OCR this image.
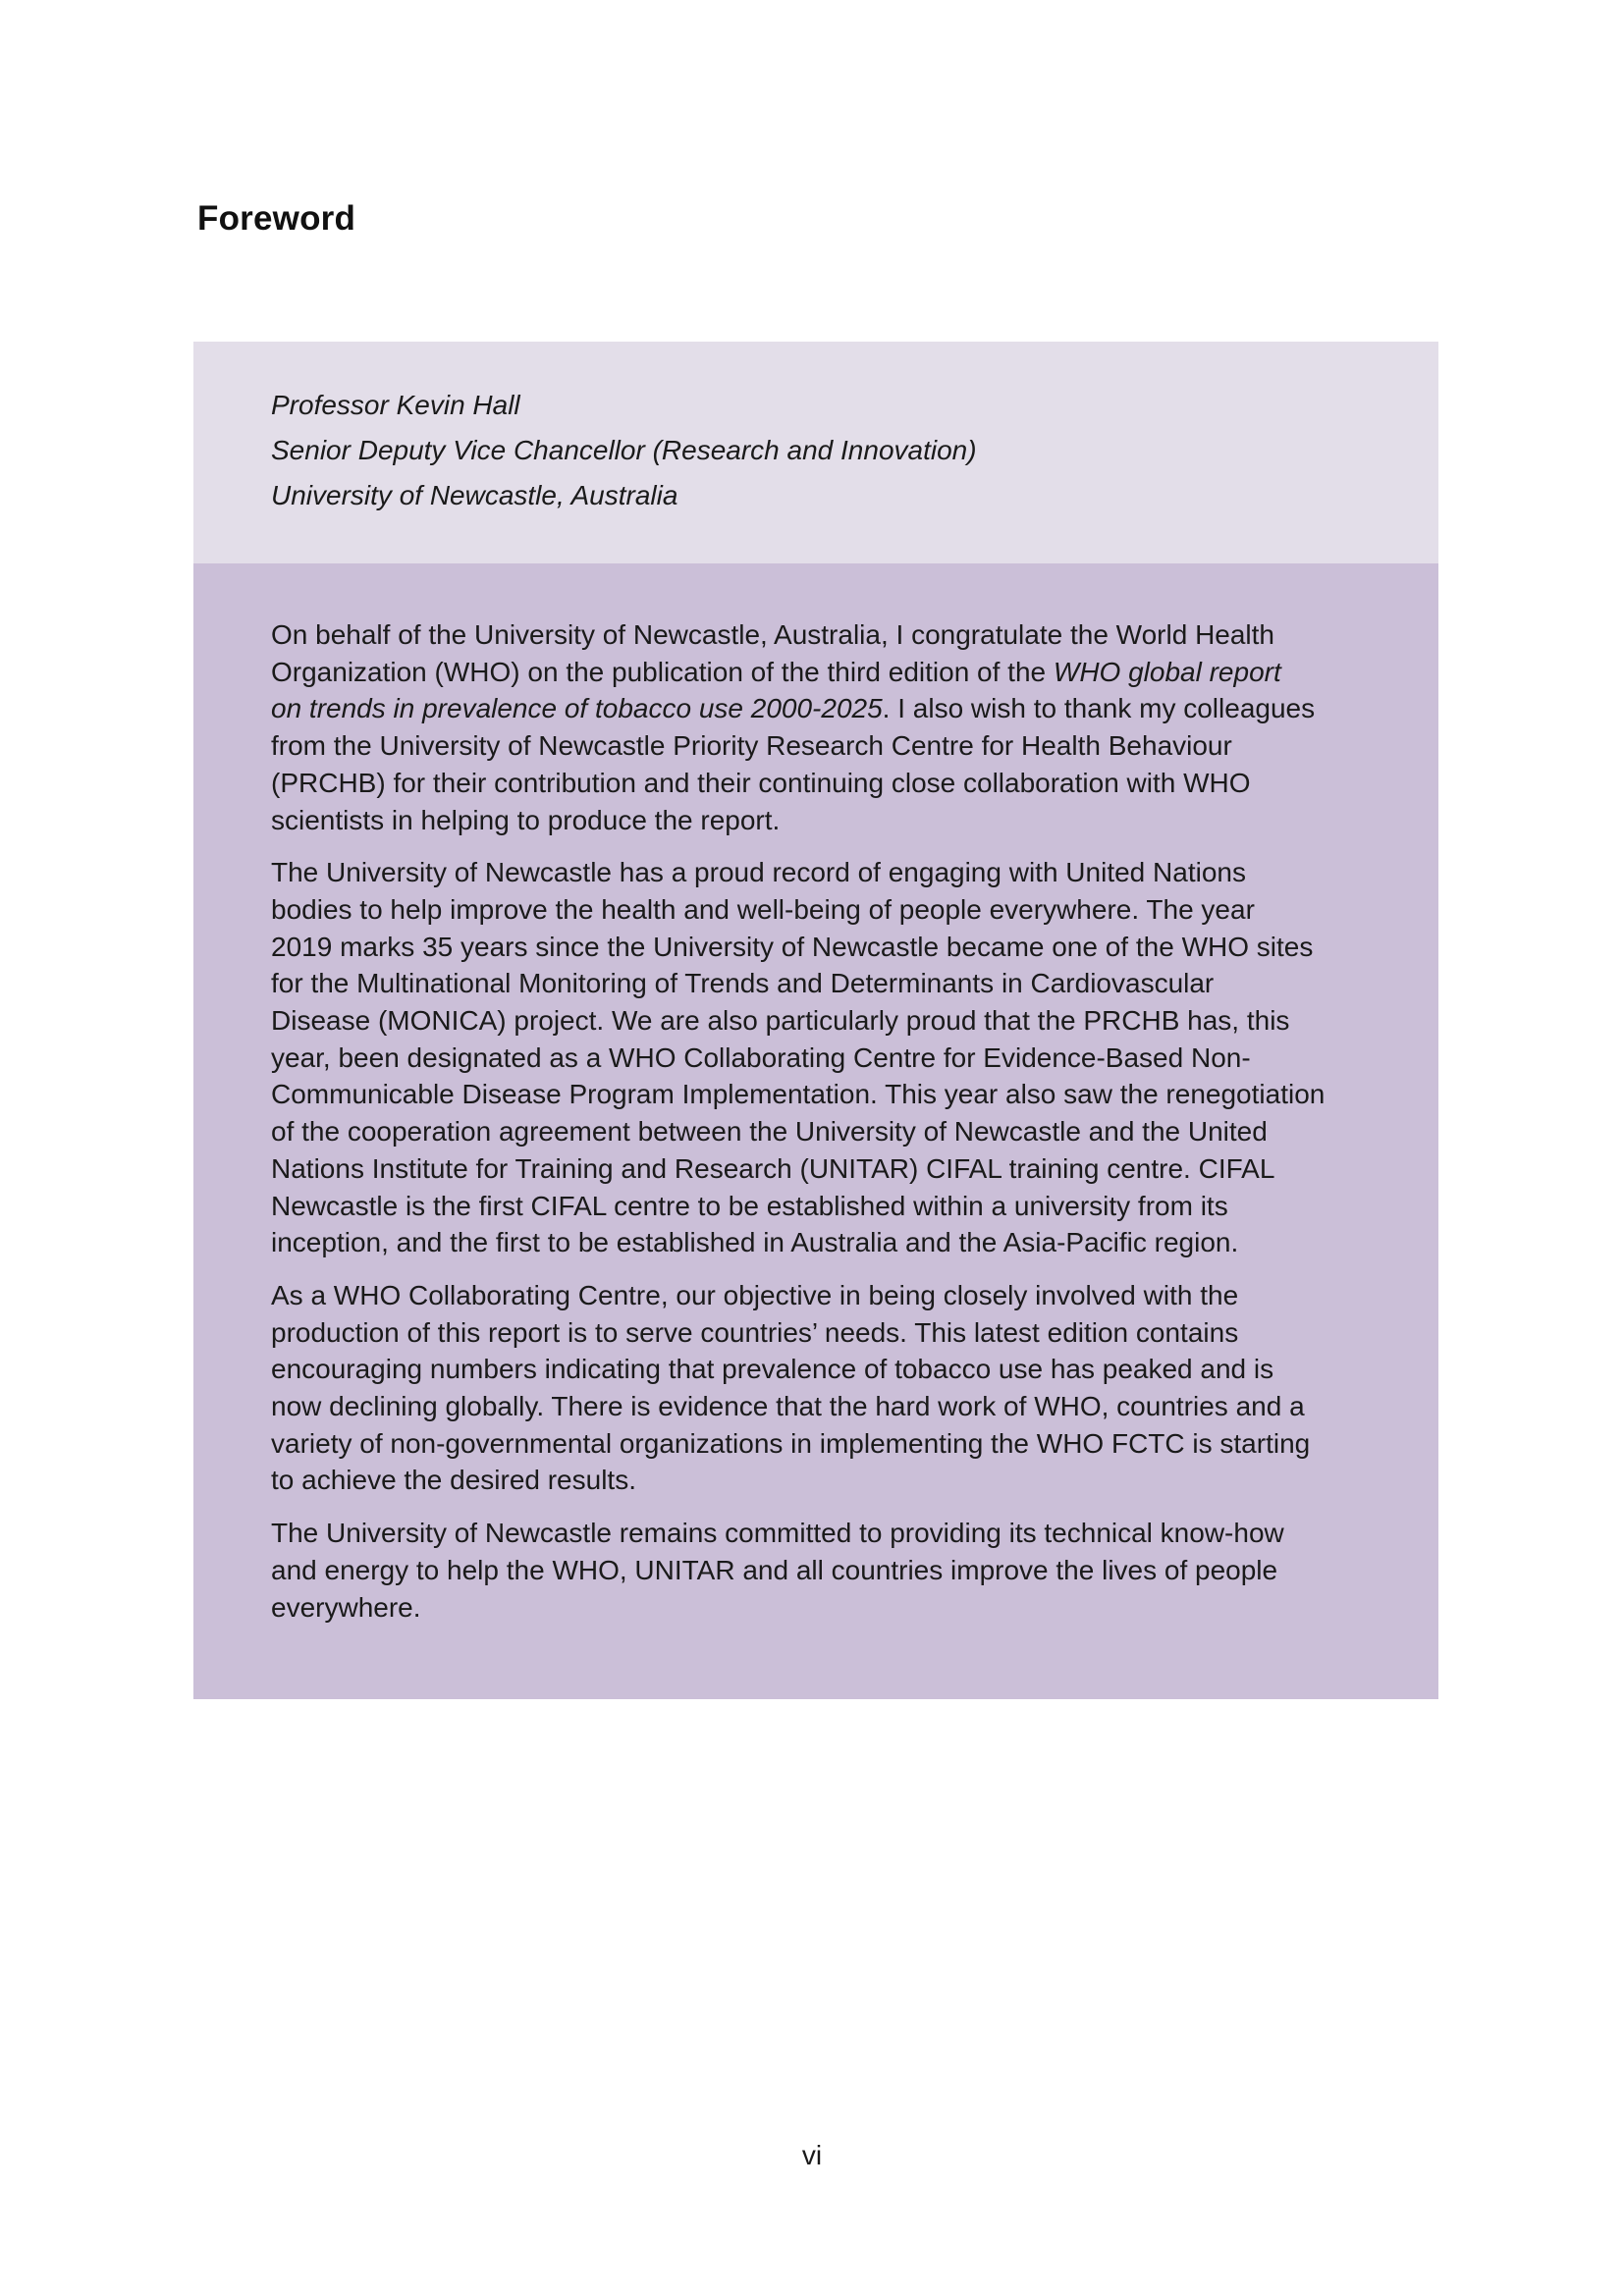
Foreword
Professor Kevin Hall
Senior Deputy Vice Chancellor (Research and Innovation)
University of Newcastle, Australia

On behalf of the University of Newcastle, Australia, I congratulate the World Health
Organization (WHO) on the publication of the third edition of the WHO global report
on trends in prevalence of tobacco use 2000-2025. I also wish to thank my colleagues
from the University of Newcastle Priority Research Centre for Health Behaviour
(PRCHB) for their contribution and their continuing close collaboration with WHO
scientists in helping to produce the report.

The University of Newcastle has a proud record of engaging with United Nations
bodies to help improve the health and well-being of people everywhere. The year
2019 marks 35 years since the University of Newcastle became one of the WHO sites
for the Multinational Monitoring of Trends and Determinants in Cardiovascular
Disease (MONICA) project. We are also particularly proud that the PRCHB has, this
year, been designated as a WHO Collaborating Centre for Evidence-Based Non-
Communicable Disease Program Implementation. This year also saw the renegotiation
of the cooperation agreement between the University of Newcastle and the United
Nations Institute for Training and Research (UNITAR) CIFAL training centre. CIFAL
Newcastle is the first CIFAL centre to be established within a university from its
inception, and the first to be established in Australia and the Asia-Pacific region.

As a WHO Collaborating Centre, our objective in being closely involved with the
production of this report is to serve countries’ needs. This latest edition contains
encouraging numbers indicating that prevalence of tobacco use has peaked and is
now declining globally. There is evidence that the hard work of WHO, countries and a
variety of non-governmental organizations in implementing the WHO FCTC is starting
to achieve the desired results.

The University of Newcastle remains committed to providing its technical know-how
and energy to help the WHO, UNITAR and all countries improve the lives of people
everywhere.

vi
